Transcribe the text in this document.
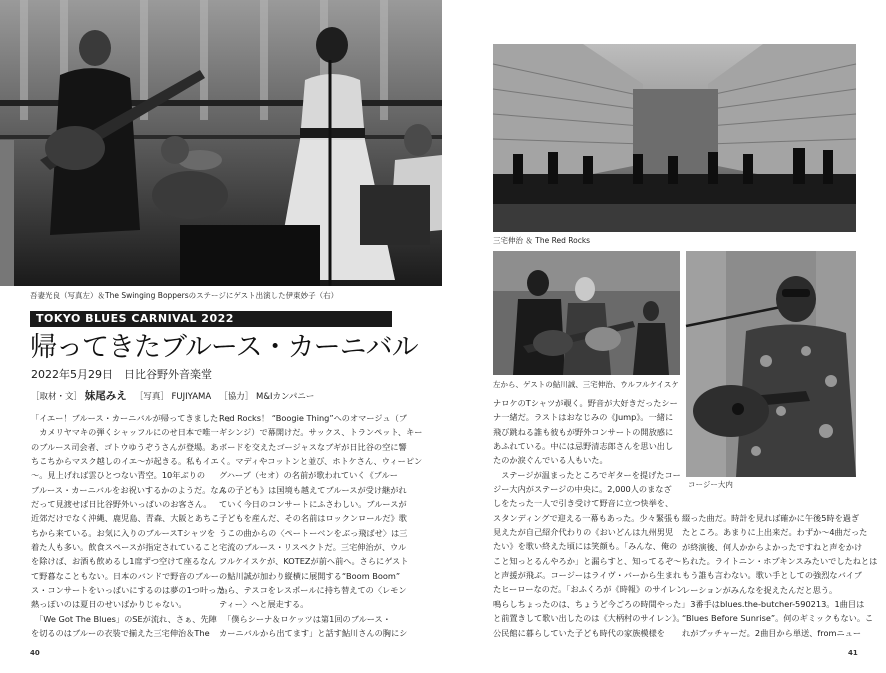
吾妻光良（写真左）＆The Swinging Boppersのステージにゲスト出演した伊東妙子（右）
三宅伸治 ＆ The Red Rocks
左から、ゲストの鮎川誠、三宅伸治、ウルフルケイスケ
コージー大内
TOKYO BLUES CARNIVAL 2022
帰ってきたブルース・カーニバル
2022年5月29日　日比谷野外音楽堂
［取材・文］ 妹尾みえ ［写真］ FUJIYAMA ［協力］ M&Iカンパニー

「イエー！ブルース・カーニバルが帰ってきました！」

　カメリヤマキの弾くシャッフルにのせ日本で唯一

のブルース司会者、ゴトウゆうぞうさんが登場。あ

ちこちからマスク越しのイエ〜が起きる。私もイエ

〜。見上げれば雲ひとつない青空。10年ぶりの

ブルース・カーニバルをお祝いするかのようだ。なん

だって見渡せば日比谷野外いっぱいのお客さん。

近郊だけでなく沖縄、鹿児島、青森、大阪とあちこ

ちから来ている。お気に入りのブルースTシャツを

着た人も多い。飲食スペースが指定されていること

を除けば、お酒も飲めるし1席ずつ空けて座るなん

て野暮なこともない。日本のバンドで野音のブルー

ス・コンサートをいっぱいにするのは夢の1つ叶った。

熱っぽいのは夏日のせいばかりじゃない。

　「We Got The Blues」のSEが流れ、さぁ、先陣

を切るのはブルーの衣装で揃えた三宅伸治＆The

Red Rocks！ “Boogie Thing”へのオマージュ（ブ

ギシンジ）で幕開けだ。サックス、トランペット、キー

ボードを交えたゴージャスなブギが日比谷の空に響

く。マディやコットンと並び、ホトケさん、ウィーピン

グハープ（セオ）の名前が歌われていく《ブルー

スの子ども》は国境も越えてブルースが受け継がれ

ていく今日のコンサートにふさわしい。ブルースが

子どもを産んだ、その名前はロックンロールだ》歌

うこの曲からの〈ペートーベンをぶっ飛ばせ〉は三

宅流のブルース・リスペクトだ。三宅伸治が、ウル

フルケイスケが、KOTEZが前へ前へ。さらにゲスト

の鮎川誠が加わり縦横に展開する“Boom Boom”

から、テスコをレスポールに持ち替えての〈レモン

ティー〉へと展走する。

　「僕らシーナ＆ロケッツは第1回のブルース・

カーニバルから出てます」と話す鮎川さんの胸にシ

ナロケのTシャツが覗く。野音が大好きだったシー

ナ一緒だ。ラストはおなじみの《Jump》。一緒に

飛び跳ねる誰も彼もが野外コンサートの開放感に

あふれている。中には忌野清志郎さんを思い出し

たのか涙ぐんでいる人もいた。

　ステージが温まったところでギターを提げたコー

ジー大内がステージの中央に。2,000人のまなざ

しをたった一人で引き受けて野音に立つ快挙を、

スタンディングで迎える一幕もあった。少々緊張も

見えたが自己紹介代わりの《おいどんは九州男児

たい》を歌い終えた頃には笑顔も。「みんな、俺の

こと知っとるんやろか」と漏らすと、知ってるぞ〜！

と声援が飛ぶ。コージーはライヴ・バーから生まれ

たヒーローなのだ。「おふくろが《時報》のサイレン

鳴らしちょったのは、ちょうど今ごろの時間やった」

と前置きして歌い出したのは《大柄村のサイレン》。

公民館に暮らしていた子ども時代の家族模様を

綴った曲だ。時計を見れば確かに午後5時を過ぎ

たところ。あまりに上出来だ。わずか〜4曲だった

が終演後、何人かからよかったですねと声をかけ

られた。ライトニン・ホプキンスみたいでしたねとは

もう誰も言わない。歌い手としての強烈なバイブ

レーションがみんなを捉えたんだと思う。

　3番手はblues.the-butcher-590213。1曲目は

“Blues Before Sunrise”。何のギミックもない。こ

れがブッチャーだ。2曲目から単送、fromニュー

40	41
